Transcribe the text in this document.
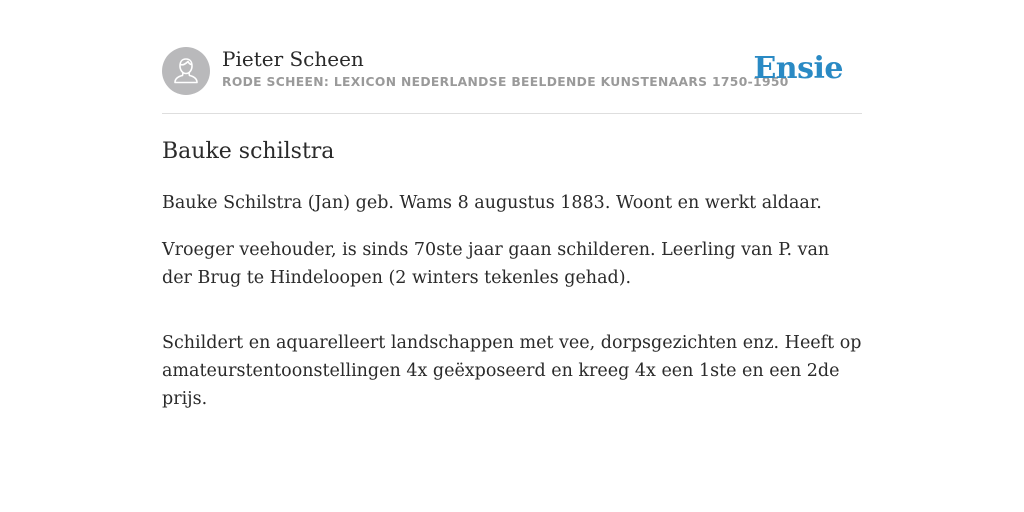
Pieter Scheen
RODE SCHEEN: LEXICON NEDERLANDSE BEELDENDE KUNSTENAARS 1750-1950
Ensie
Bauke schilstra

Bauke Schilstra (Jan) geb. Wams 8 augustus 1883. Woont en werkt aldaar.

Vroeger veehouder, is sinds 70ste jaar gaan schilderen. Leerling van P. van der Brug te Hindeloopen (2 winters tekenles gehad).

Schildert en aquarelleert landschappen met vee, dorpsgezichten enz. Heeft op amateurstentoonstellingen 4x geëxposeerd en kreeg 4x een 1ste en een 2de prijs.
